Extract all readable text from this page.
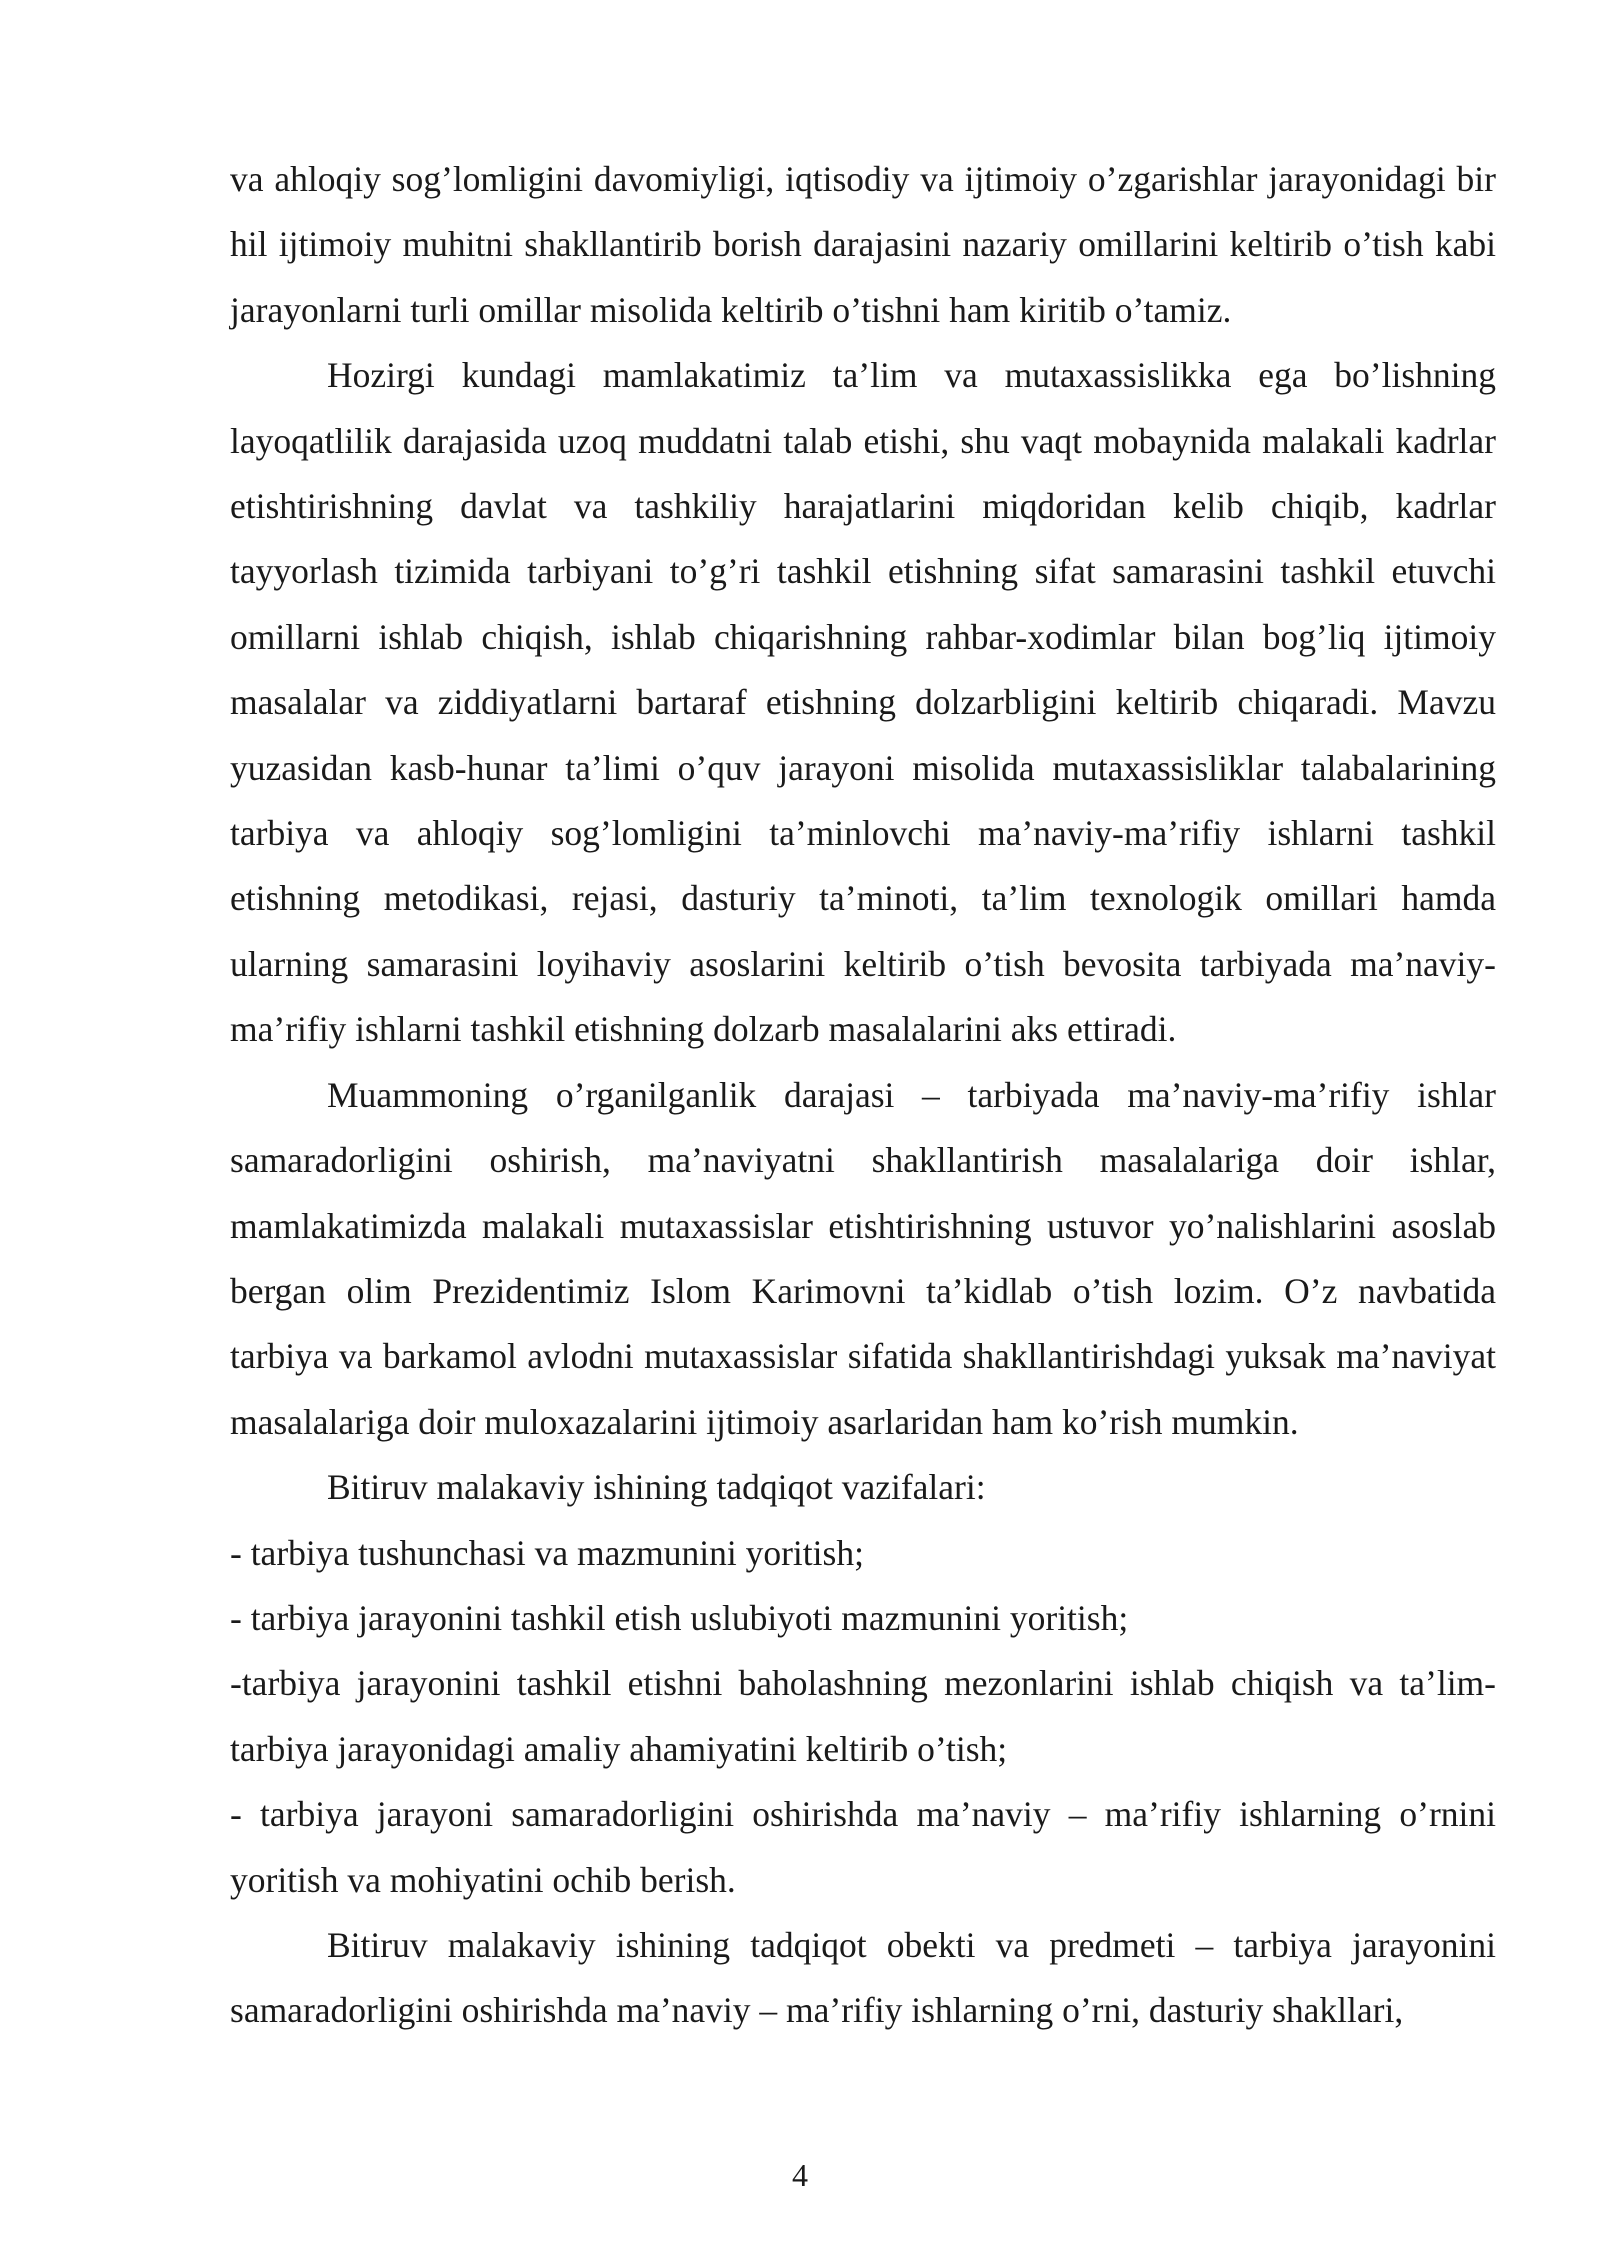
va ahloqiy sog’lomligini davomiyligi, iqtisodiy va ijtimoiy o’zgarishlar jarayonidagi bir hil ijtimoiy muhitni shakllantirib borish darajasini nazariy omillarini keltirib o’tish kabi jarayonlarni turli omillar misolida keltirib o’tishni ham kiritib o’tamiz.

Hozirgi kundagi mamlakatimiz ta’lim va mutaxassislikka ega bo’lishning layoqatlilik darajasida uzoq muddatni talab etishi, shu vaqt mobaynida malakali kadrlar etishtirishning davlat va tashkiliy harajatlarini miqdoridan kelib chiqib, kadrlar tayyorlash tizimida tarbiyani to’g’ri tashkil etishning sifat samarasini tashkil etuvchi omillarni ishlab chiqish, ishlab chiqarishning rahbar-xodimlar bilan bog’liq ijtimoiy masalalar va ziddiyatlarni bartaraf etishning dolzarbligini keltirib chiqaradi. Mavzu yuzasidan kasb-hunar ta’limi o’quv jarayoni misolida mutaxassisliklar talabalarining tarbiya va ahloqiy sog’lomligini ta’minlovchi ma’naviy-ma’rifiy ishlarni tashkil etishning metodikasi, rejasi, dasturiy ta’minoti, ta’lim texnologik omillari hamda ularning samarasini loyihaviy asoslarini keltirib o’tish bevosita tarbiyada ma’naviy-ma’rifiy ishlarni tashkil etishning dolzarb masalalarini aks ettiradi.

Muammoning o’rganilganlik darajasi – tarbiyada ma’naviy-ma’rifiy ishlar samaradorligini oshirish, ma’naviyatni shakllantirish masalalariga doir ishlar, mamlakatimizda malakali mutaxassislar etishtirishning ustuvor yo’nalishlarini asoslab bergan olim Prezidentimiz Islom Karimovni ta’kidlab o’tish lozim. O’z navbatida tarbiya va barkamol avlodni mutaxassislar sifatida shakllantirishdagi yuksak ma’naviyat masalalariga doir muloxazalarini ijtimoiy asarlaridan ham ko’rish mumkin.

Bitiruv malakaviy ishining tadqiqot vazifalari:

- tarbiya tushunchasi va mazmunini yoritish;

- tarbiya jarayonini tashkil etish uslubiyoti mazmunini yoritish;

-tarbiya jarayonini tashkil etishni baholashning mezonlarini ishlab chiqish va ta’lim-tarbiya jarayonidagi amaliy ahamiyatini keltirib o’tish;

- tarbiya jarayoni samaradorligini oshirishda ma’naviy – ma’rifiy ishlarning o’rnini yoritish va mohiyatini ochib berish.

Bitiruv malakaviy ishining tadqiqot obekti va predmeti – tarbiya jarayonini samaradorligini oshirishda ma’naviy – ma’rifiy ishlarning o’rni, dasturiy shakllari,

4
